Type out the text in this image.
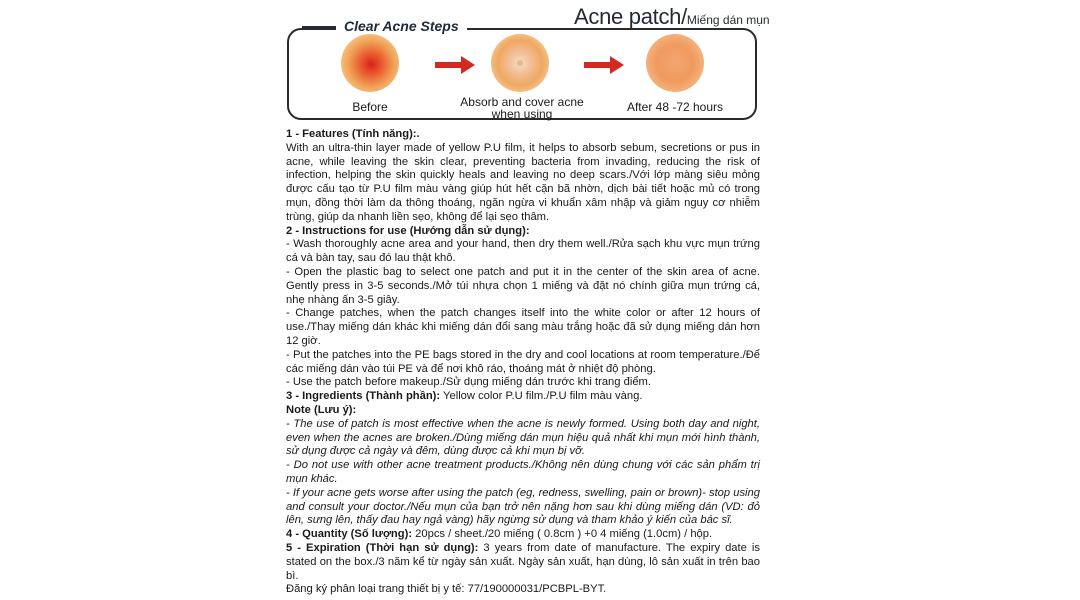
Acne patch/Miếng dán mụn
Clear Acne Steps
Before	Absorb and cover acne
when using	After 48 -72 hours

1 - Features (Tính năng):.

With an ultra-thin layer made of yellow P.U film, it helps to absorb sebum, secretions or pus in acne, while leaving the skin clear, preventing bacteria from invading, reducing the risk of infection, helping the skin quickly heals and leaving no deep scars./Với lớp màng siêu mỏng được cấu tạo từ P.U film màu vàng giúp hút hết cặn bã nhờn, dịch bài tiết hoặc mủ có trong mụn, đồng thời làm da thông thoáng, ngăn ngừa vi khuẩn xâm nhập và giảm nguy cơ nhiễm trùng, giúp da nhanh liền sẹo, không để lại sẹo thâm.

2 - Instructions for use (Hướng dẫn sử dụng):

- Wash thoroughly acne area and your hand, then dry them well./Rửa sạch khu vực mụn trứng cá và bàn tay, sau đó lau thật khô.

- Open the plastic bag to select one patch and put it in the center of the skin area of acne. Gently press in 3-5 seconds./Mở túi nhựa chọn 1 miếng và đặt nó chính giữa mụn trứng cá, nhẹ nhàng ấn 3-5 giây.

- Change patches, when the patch changes itself into the white color or after 12 hours of use./Thay miếng dán khác khi miếng dán đổi sang màu trắng hoặc đã sử dụng miếng dán hơn 12 giờ.

- Put the patches into the PE bags stored in the dry and cool locations at room temperature./Để các miếng dán vào túi PE và để nơi khô ráo, thoáng mát ở nhiệt độ phòng.

- Use the patch before makeup./Sử dụng miếng dán trước khi trang điểm.

3 - Ingredients (Thành phần): Yellow color P.U film./P.U film màu vàng.

Note (Lưu ý):

- The use of patch is most effective when the acne is newly formed. Using both day and night, even when the acnes are broken./Dùng miếng dán mụn hiệu quả nhất khi mụn mới hình thành, sử dụng được cả ngày và đêm, dùng được cả khi mụn bị vỡ.

- Do not use with other acne treatment products./Không nên dùng chung với các sản phẩm trị mụn khác.

- If your acne gets worse after using the patch (eg, redness, swelling, pain or brown)- stop using and consult your doctor./Nếu mụn của bạn trở nên nặng hơn sau khi dùng miếng dán (VD: đỏ lên, sưng lên, thấy đau hay ngả vàng) hãy ngừng sử dụng và tham khảo ý kiến của bác sĩ.

4 - Quantity (Số lượng): 20pcs / sheet./20 miếng ( 0.8cm ) +0 4 miếng (1.0cm) / hộp.

5 - Expiration (Thời hạn sử dụng): 3 years from date of manufacture. The expiry date is stated on the box./3 năm kể từ ngày sản xuất. Ngày sản xuất, hạn dùng, lô sản xuất in trên bao bì.

Đăng ký phân loại trang thiết bị y tế: 77/190000031/PCBPL-BYT.
